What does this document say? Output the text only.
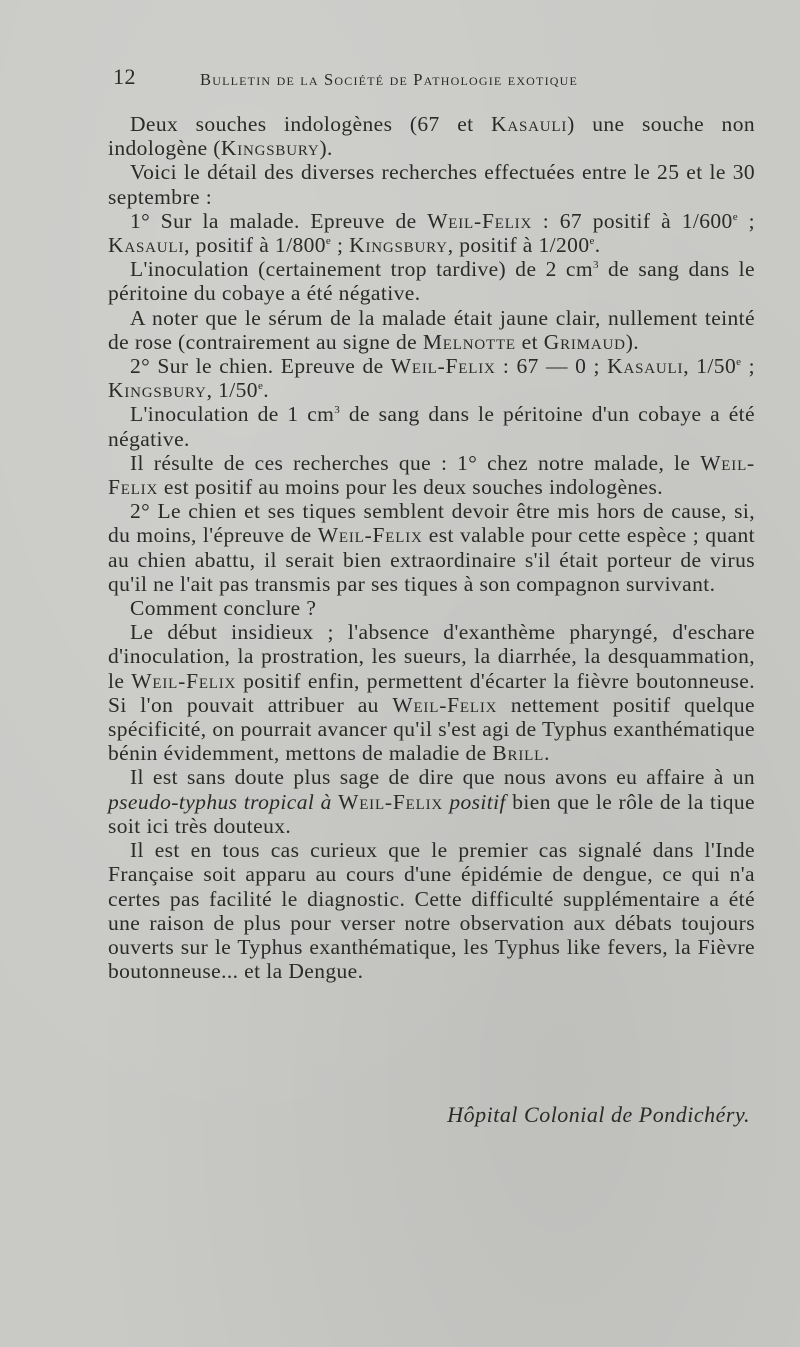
12	Bulletin de la Société de Pathologie exotique

Deux souches indologènes (67 et Kasauli) une souche non indologène (Kingsbury).

Voici le détail des diverses recherches effectuées entre le 25 et le 30 septembre :

1° Sur la malade. Epreuve de Weil-Felix : 67 positif à 1/600e ; Kasauli, positif à 1/800e ; Kingsbury, positif à 1/200e.

L'inoculation (certainement trop tardive) de 2 $cm^3$ de sang dans le péritoine du cobaye a été négative.

A noter que le sérum de la malade était jaune clair, nullement teinté de rose (contrairement au signe de Melnotte et Grimaud).

2° Sur le chien. Epreuve de Weil-Felix : 67 — 0 ; Kasauli, 1/50e ; Kingsbury, 1/50e.

L'inoculation de 1 $cm^3$ de sang dans le péritoine d'un cobaye a été négative.

Il résulte de ces recherches que : 1° chez notre malade, le Weil-Felix est positif au moins pour les deux souches indologènes.

2° Le chien et ses tiques semblent devoir être mis hors de cause, si, du moins, l'épreuve de Weil-Felix est valable pour cette espèce ; quant au chien abattu, il serait bien extraordinaire s'il était porteur de virus qu'il ne l'ait pas transmis par ses tiques à son compagnon survivant.

Comment conclure ?

Le début insidieux ; l'absence d'exanthème pharyngé, d'eschare d'inoculation, la prostration, les sueurs, la diarrhée, la desquammation, le Weil-Felix positif enfin, permettent d'écarter la fièvre boutonneuse. Si l'on pouvait attribuer au Weil-Felix nettement positif quelque spécificité, on pourrait avancer qu'il s'est agi de Typhus exanthématique bénin évidemment, mettons de maladie de Brill.

Il est sans doute plus sage de dire que nous avons eu affaire à un pseudo-typhus tropical à Weil-Felix positif bien que le rôle de la tique soit ici très douteux.

Il est en tous cas curieux que le premier cas signalé dans l'Inde Française soit apparu au cours d'une épidémie de dengue, ce qui n'a certes pas facilité le diagnostic. Cette difficulté supplémentaire a été une raison de plus pour verser notre observation aux débats toujours ouverts sur le Typhus exanthématique, les Typhus like fevers, la Fièvre boutonneuse... et la Dengue.

Hôpital Colonial de Pondichéry.
